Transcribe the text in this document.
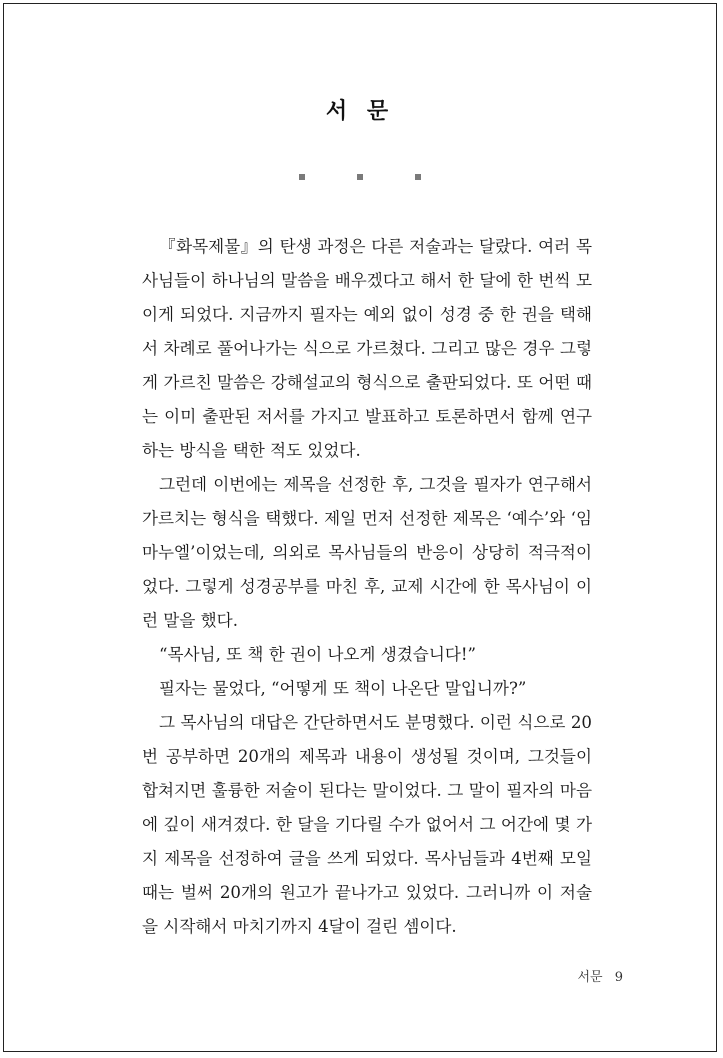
서 문

『화목제물』의 탄생 과정은 다른 저술과는 달랐다. 여러 목사님들이 하나님의 말씀을 배우겠다고 해서 한 달에 한 번씩 모이게 되었다. 지금까지 필자는 예외 없이 성경 중 한 권을 택해서 차례로 풀어나가는 식으로 가르쳤다. 그리고 많은 경우 그렇게 가르친 말씀은 강해설교의 형식으로 출판되었다. 또 어떤 때는 이미 출판된 저서를 가지고 발표하고 토론하면서 함께 연구하는 방식을 택한 적도 있었다.

그런데 이번에는 제목을 선정한 후, 그것을 필자가 연구해서 가르치는 형식을 택했다. 제일 먼저 선정한 제목은 ‘예수’와 ‘임마누엘’이었는데, 의외로 목사님들의 반응이 상당히 적극적이었다. 그렇게 성경공부를 마친 후, 교제 시간에 한 목사님이 이런 말을 했다.

“목사님, 또 책 한 권이 나오게 생겼습니다!”

필자는 물었다, “어떻게 또 책이 나온단 말입니까?”

그 목사님의 대답은 간단하면서도 분명했다. 이런 식으로 20번 공부하면 20개의 제목과 내용이 생성될 것이며, 그것들이 합쳐지면 훌륭한 저술이 된다는 말이었다. 그 말이 필자의 마음에 깊이 새겨졌다. 한 달을 기다릴 수가 없어서 그 어간에 몇 가지 제목을 선정하여 글을 쓰게 되었다. 목사님들과 4번째 모일 때는 벌써 20개의 원고가 끝나가고 있었다. 그러니까 이 저술을 시작해서 마치기까지 4달이 걸린 셈이다.

서문 9
